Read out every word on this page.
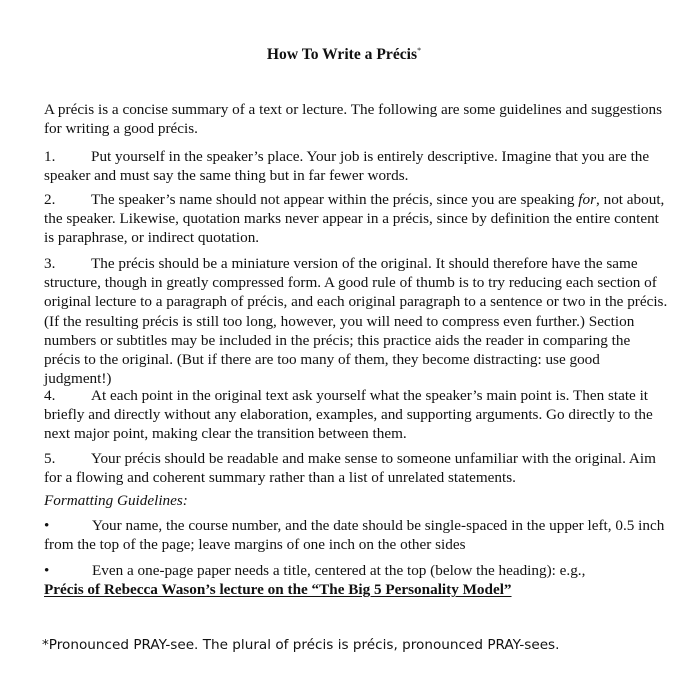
How To Write a Précis*

A précis is a concise summary of a text or lecture. The following are some guidelines and suggestions for writing a good précis.

1. Put yourself in the speaker’s place. Your job is entirely descriptive. Imagine that you are the speaker and must say the same thing but in far fewer words.

2. The speaker’s name should not appear within the précis, since you are speaking for, not about, the speaker. Likewise, quotation marks never appear in a précis, since by definition the entire content is paraphrase, or indirect quotation.

3. The précis should be a miniature version of the original. It should therefore have the same structure, though in greatly compressed form. A good rule of thumb is to try reducing each section of original lecture to a paragraph of précis, and each original paragraph to a sentence or two in the précis. (If the resulting précis is still too long, however, you will need to compress even further.) Section numbers or subtitles may be included in the précis; this practice aids the reader in comparing the précis to the original. (But if there are too many of them, they become distracting: use good judgment!)

4. At each point in the original text ask yourself what the speaker’s main point is. Then state it briefly and directly without any elaboration, examples, and supporting arguments. Go directly to the next major point, making clear the transition between them.

5. Your précis should be readable and make sense to someone unfamiliar with the original. Aim for a flowing and coherent summary rather than a list of unrelated statements.

Formatting Guidelines:

•	Your name, the course number, and the date should be single-spaced in the upper left, 0.5 inch from the top of the page; leave margins of one inch on the other sides

•	Even a one-page paper needs a title, centered at the top (below the heading): e.g.,

Précis of Rebecca Wason’s lecture on the “The Big 5 Personality Model”

*Pronounced PRAY-see. The plural of précis is précis, pronounced PRAY-sees.
